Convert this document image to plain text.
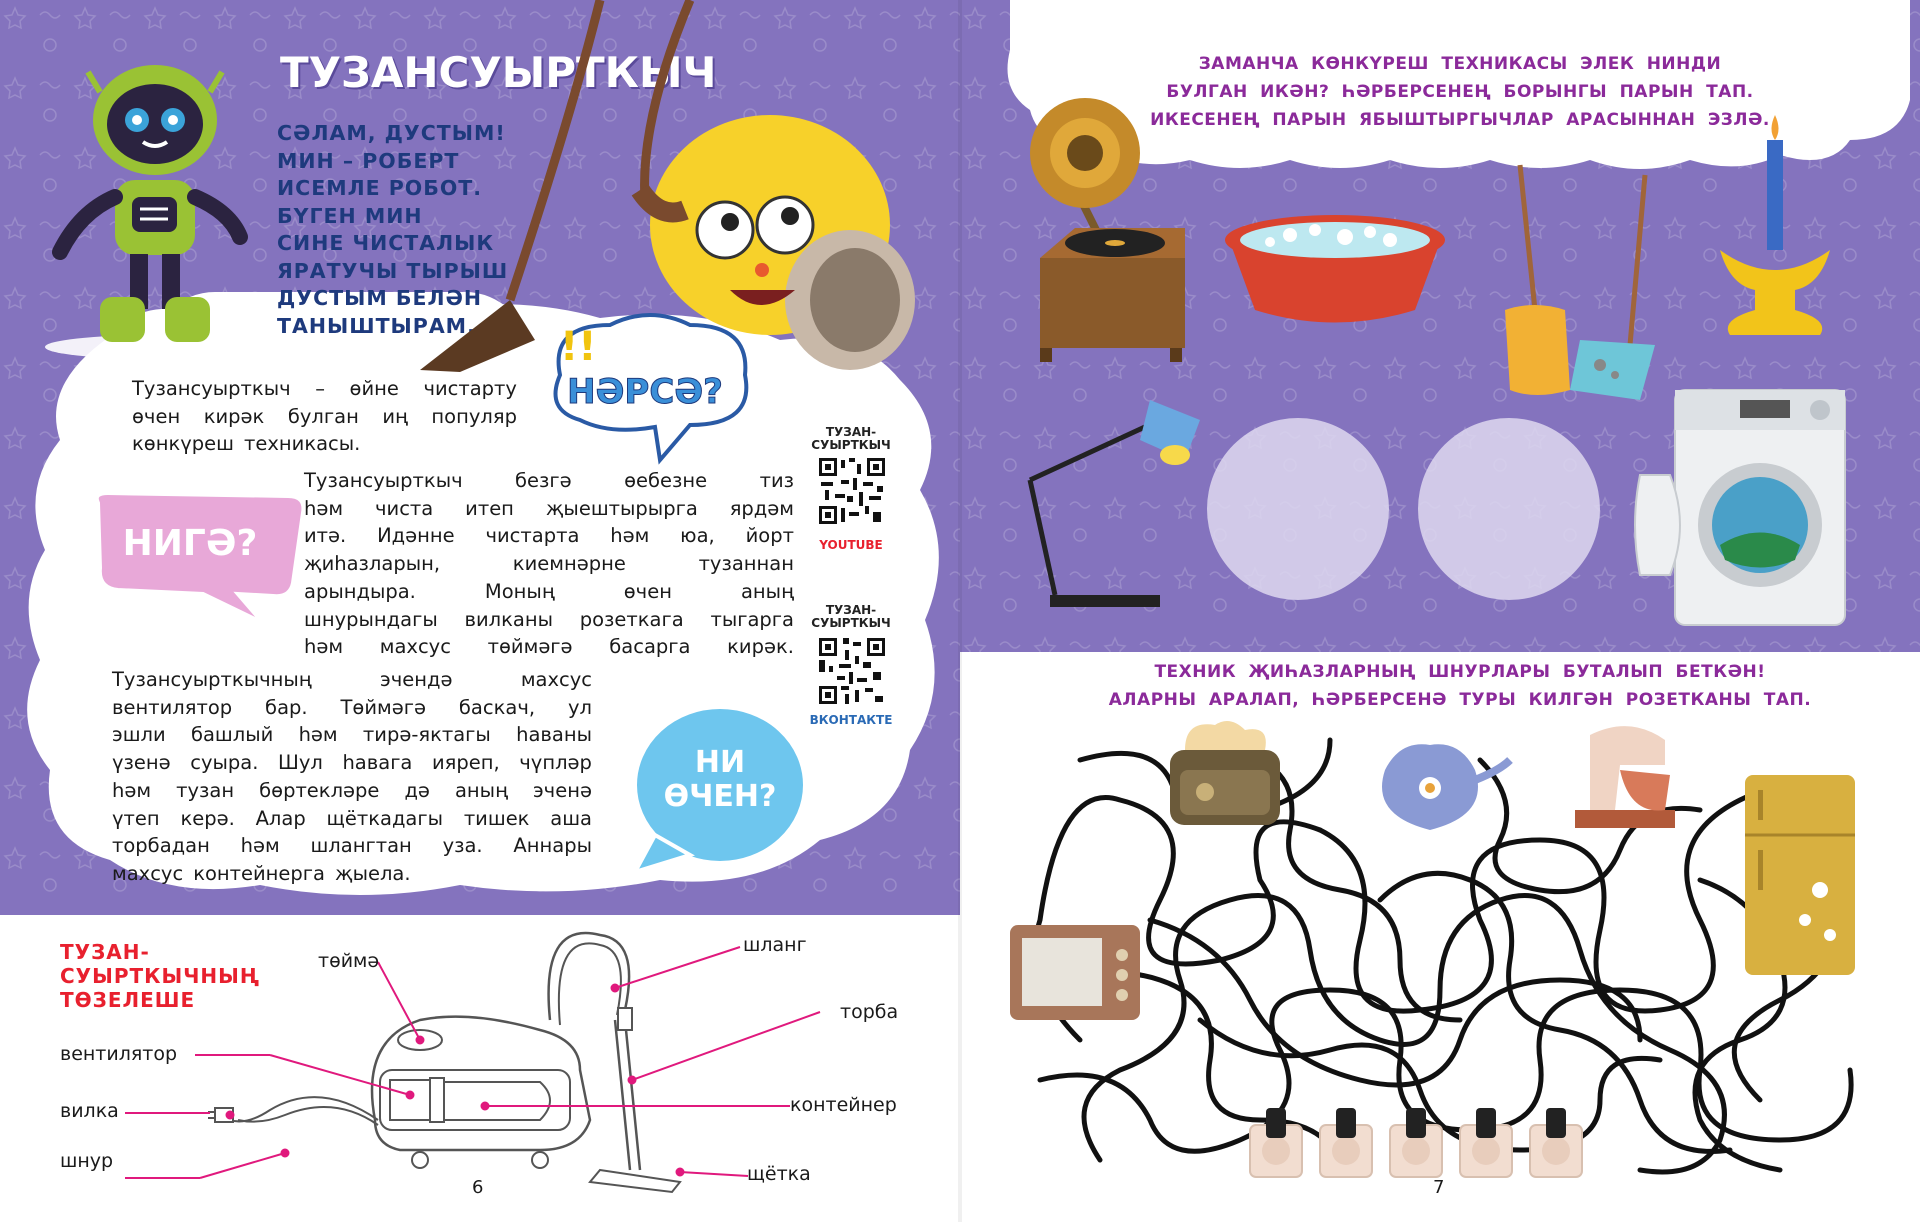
ТУЗАНСУЫРТКЫЧ
СӘЛАМ, ДУСТЫМ!
МИН – РОБЕРТ
ИСЕМЛЕ РОБОТ.
БҮГЕН МИН
СИНЕ ЧИСТАЛЫК
ЯРАТУЧЫ ТЫРЫШ
ДУСТЫМ БЕЛӘН
ТАНЫШТЫРАМ.	!!
НӘРСӘ?
НИГӘ?
НИ
ӨЧЕН?
Тузансуырткыч – өйне чистарту
өчен кирәк булган иң популяр
көнкүреш техникасы.
Тузансуырткыч	безгә	өебезне	тиз
һәм чиста итеп җыештырырга ярдәм
итә. Идәнне чистарта һәм юа, йорт
җиһазларын,	киемнәрне	тузаннан
арындыра.	Моның	өчен	аның
шнурындагы вилканы розеткага тыгарга
һәм махсус төймәгә басарга кирәк.
Тузансуырткычның	эчендә	махсус
вентилятор бар. Төймәгә баскач, ул
эшли башлый һәм тирә-яктагы һаваны
үзенә суыра. Шул һавага ияреп, чүпләр
һәм тузан бөртекләре дә аның эченә
үтеп керә. Алар щёткадагы тишек аша
торбадан һәм шлангтан уза. Аннары
махсус контейнерга җыела.
ТУЗАН-
СУЫРТКЫЧ
YOUTUBE
ТУЗАН-
СУЫРТКЫЧ
ВКОНТАКТЕ
ТУЗАН-
СУЫРТКЫЧНЫҢ
ТӨЗЕЛЕШЕ
төймә
шланг
торба
вентилятор
вилка
шнур
контейнер
щётка
6
ЗАМАНЧА КӨНКҮРЕШ ТЕХНИКАСЫ ЭЛЕК НИНДИ
БУЛГАН ИКӘН? ҺӘРБЕРСЕНЕҢ БОРЫНГЫ ПАРЫН ТАП.
ИКЕСЕНЕҢ ПАРЫН ЯБЫШТЫРГЫЧЛАР АРАСЫННАН ЭЗЛӘ.
ТЕХНИК ҖИҺАЗЛАРНЫҢ ШНУРЛАРЫ БУТАЛЫП БЕТКӘН!
АЛАРНЫ АРАЛАП, ҺӘРБЕРСЕНӘ ТУРЫ КИЛГӘН РОЗЕТКАНЫ ТАП.
7
